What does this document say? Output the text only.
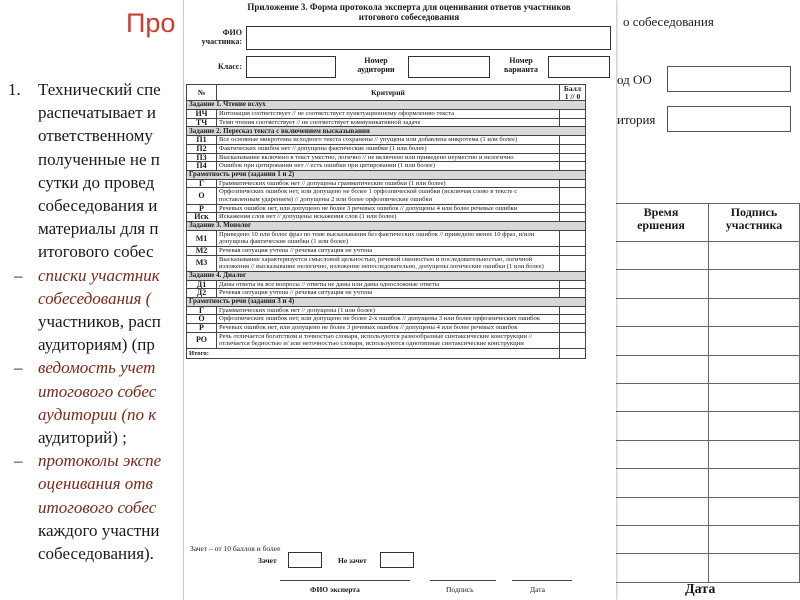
Про
1. Технический спе
распечатывает и
ответственному
полученные не п
сутки до провед
собеседования и
материалы для п
итогового собес
– списки участник
собеседования (
участников, расп
аудиториям) (пр
– ведомость учет
итогового собес
аудитории (по к
аудиторий) ;
– протоколы экспе
оценивания отв
итогового собес
каждого участни
собеседования).
о собеседования
од ОО
итория
Время
ершения	Подпись
участника

Дата
Приложение 3. Форма протокола эксперта для оценивания ответов участников итогового собеседования
ФИО участника:
Класс:
Номер аудитории
Номер варианта
№	Критерий	Балл 1 // 0
Задание 1. Чтение вслух		
ИЧ	Интонация соответствует // не соответствует пунктуационному оформлению текста	
ТЧ	Темп чтения соответствует // не соответствует коммуникативной задаче	
Задание 2. Пересказ текста с включением высказывания		
П1	Все основные микротемы исходного текста сохранены // упущена или добавлена микротема (1 или более)	
П2	Фактических ошибок нет // допущены фактические ошибки (1 или более)	
П3	Высказывание включено в текст уместно, логично // не включено или приведено неуместно и нелогично	
П4	Ошибок при цитировании нет // есть ошибки при цитировании (1 или более)	
Грамотность речи (задания 1 и 2)		
Г	Грамматических ошибок нет // допущены грамматические ошибки (1 или более)	
О	Орфоэпических ошибок нет, или допущено не более 1 орфоэпической ошибки (исключая слово в тексте с поставленным ударением) // допущены 2 или более орфоэпические ошибки	
Р	Речевых ошибок нет, или допущено не более 3 речевых ошибок // допущены 4 или более речевые ошибки	
Иск	Искажения слов нет // допущены искажения слов (1 или более)	
Задание 3. Монолог		
М1	Приведено 10 или более фраз по теме высказывания без фактических ошибок // приведено менее 10 фраз, и/или допущены фактические ошибки (1 или более)	
М2	Речевая ситуация учтена // речевая ситуация не учтена	
М3	Высказывание характеризуется смысловой цельностью, речевой связностью и последовательностью, логичной изложения // высказывание нелогично, изложение непоследовательно, допущены логические ошибки (1 или более)	
Задание 4. Диалог		
Д1	Даны ответы на все вопросы // ответы не даны или даны односложные ответы	
Д2	Речевая ситуация учтена // речевая ситуация не учтена	
Грамотность речи (задания 3 и 4)		
Г	Грамматических ошибок нет // допущены (1 или более)	
О	Орфоэпических ошибок нет, или допущено не более 2-х ошибок // допущены 3 или более орфоэпических ошибок	
Р	Речевых ошибок нет, или допущено не более 3 речевых ошибок // допущены 4 или более речевых ошибок	
РО	Речь отличается богатством и точностью словаря, используются разнообразные синтаксические конструкции // отличается бедностью и/ или неточностью словаря, используются однотипные синтаксические конструкции	
Итого:		
Зачет – от 10 баллов и более
Зачет	Не зачет
ФИО эксперта	Подпись	Дата
